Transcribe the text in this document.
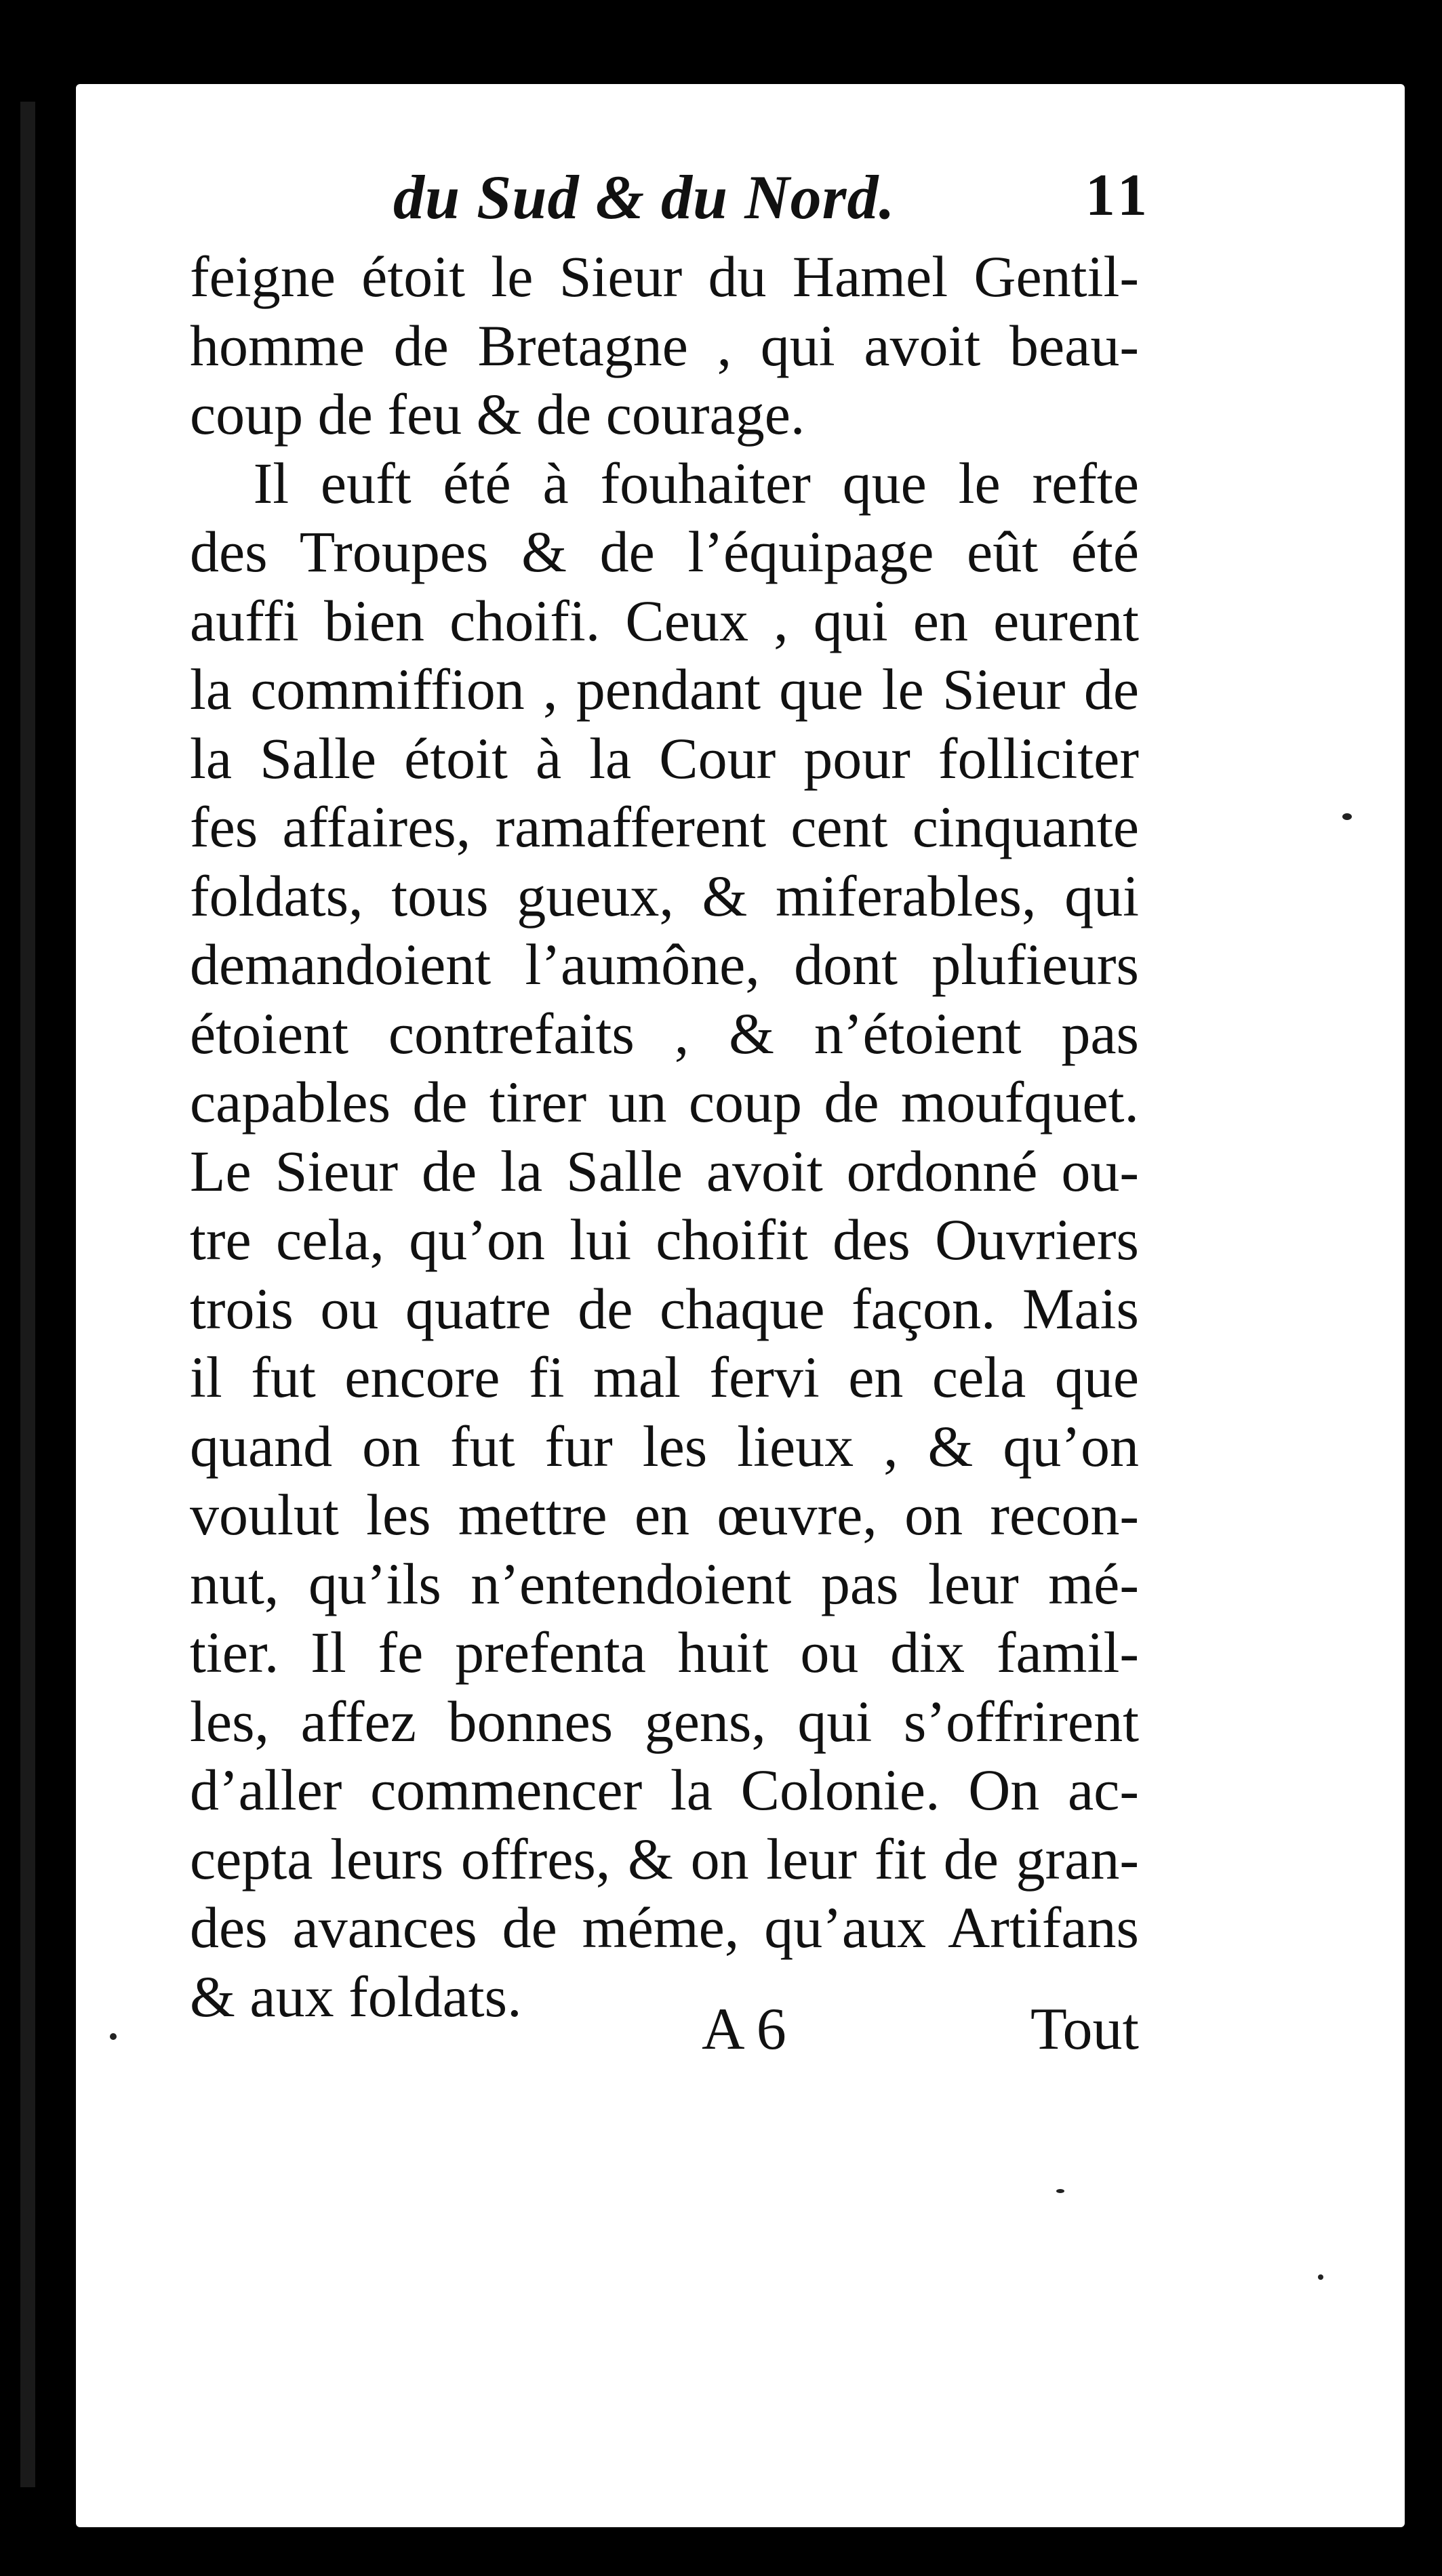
du Sud & du Nord.	11
feigne étoit le Sieur du Hamel Gentil-
homme de Bretagne , qui avoit beau-
coup de feu & de courage.
Il euft été à fouhaiter que le refte
des Troupes & de l’équipage eût été
auffi bien choifi. Ceux , qui en eurent
la commiffion , pendant que le Sieur de
la Salle étoit à la Cour pour folliciter
fes affaires, ramafferent cent cinquante
foldats, tous gueux, & miferables, qui
demandoient l’aumône, dont plufieurs
étoient contrefaits , & n’étoient pas
capables de tirer un coup de moufquet.
Le Sieur de la Salle avoit ordonné ou-
tre cela, qu’on lui choifit des Ouvriers
trois ou quatre de chaque façon. Mais
il fut encore fi mal fervi en cela que
quand on fut fur les lieux , & qu’on
voulut les mettre en œuvre, on recon-
nut, qu’ils n’entendoient pas leur mé-
tier. Il fe prefenta huit ou dix famil-
les, affez bonnes gens, qui s’offrirent
d’aller commencer la Colonie. On ac-
cepta leurs offres, & on leur fit de gran-
des avances de méme, qu’aux Artifans
& aux foldats.
A 6	Tout
